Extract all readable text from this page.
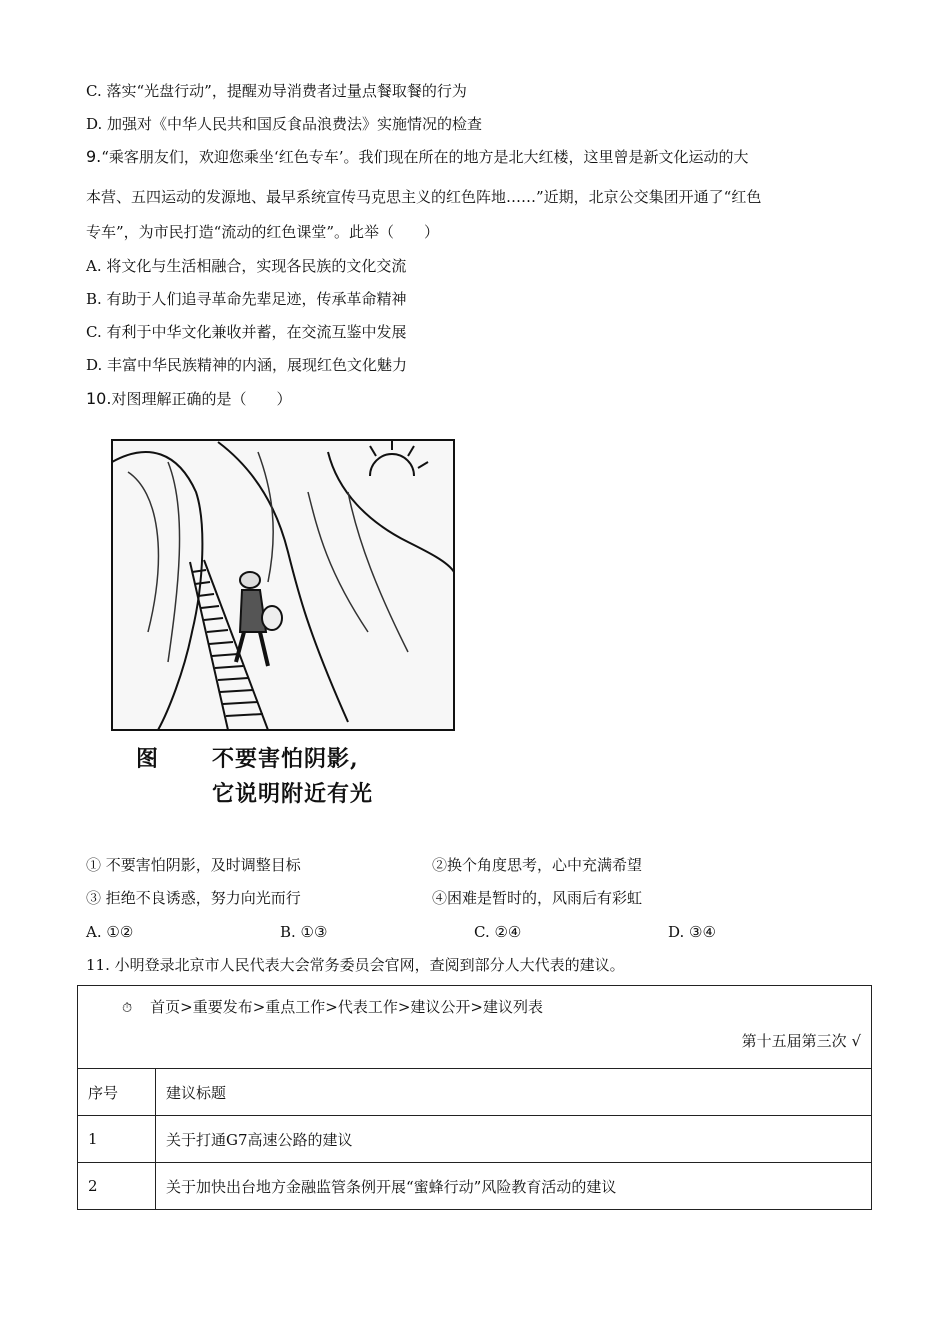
C. 落实“光盘行动”，提醒劝导消费者过量点餐取餐的行为
D. 加强对《中华人民共和国反食品浪费法》实施情况的检查
9.“乘客朋友们，欢迎您乘坐‘红色专车’。我们现在所在的地方是北大红楼，这里曾是新文化运动的大
本营、五四运动的发源地、最早系统宣传马克思主义的红色阵地……”近期，北京公交集团开通了“红色
专车”，为市民打造“流动的红色课堂”。此举（　　）
A. 将文化与生活相融合，实现各民族的文化交流
B. 有助于人们追寻革命先辈足迹，传承革命精神
C. 有利于中华文化兼收并蓄，在交流互鉴中发展
D. 丰富中华民族精神的内涵，展现红色文化魅力
10.对图理解正确的是（　　）
图 不要害怕阴影,
它说明附近有光
① 不要害怕阴影，及时调整目标	②换个角度思考，心中充满希望
③ 拒绝不良诱惑，努力向光而行	④困难是暂时的，风雨后有彩虹
A. ①②	B. ①③	C. ②④	D. ③④
11. 小明登录北京市人民代表大会常务委员会官网，查阅到部分人大代表的建议。
⏱ 首页>重要发布>重点工作>代表工作>建议公开>建议列表
第十五届第三次 √
序号	建议标题
1	关于打通G7高速公路的建议
2	关于加快出台地方金融监管条例开展“蜜蜂行动”风险教育活动的建议
